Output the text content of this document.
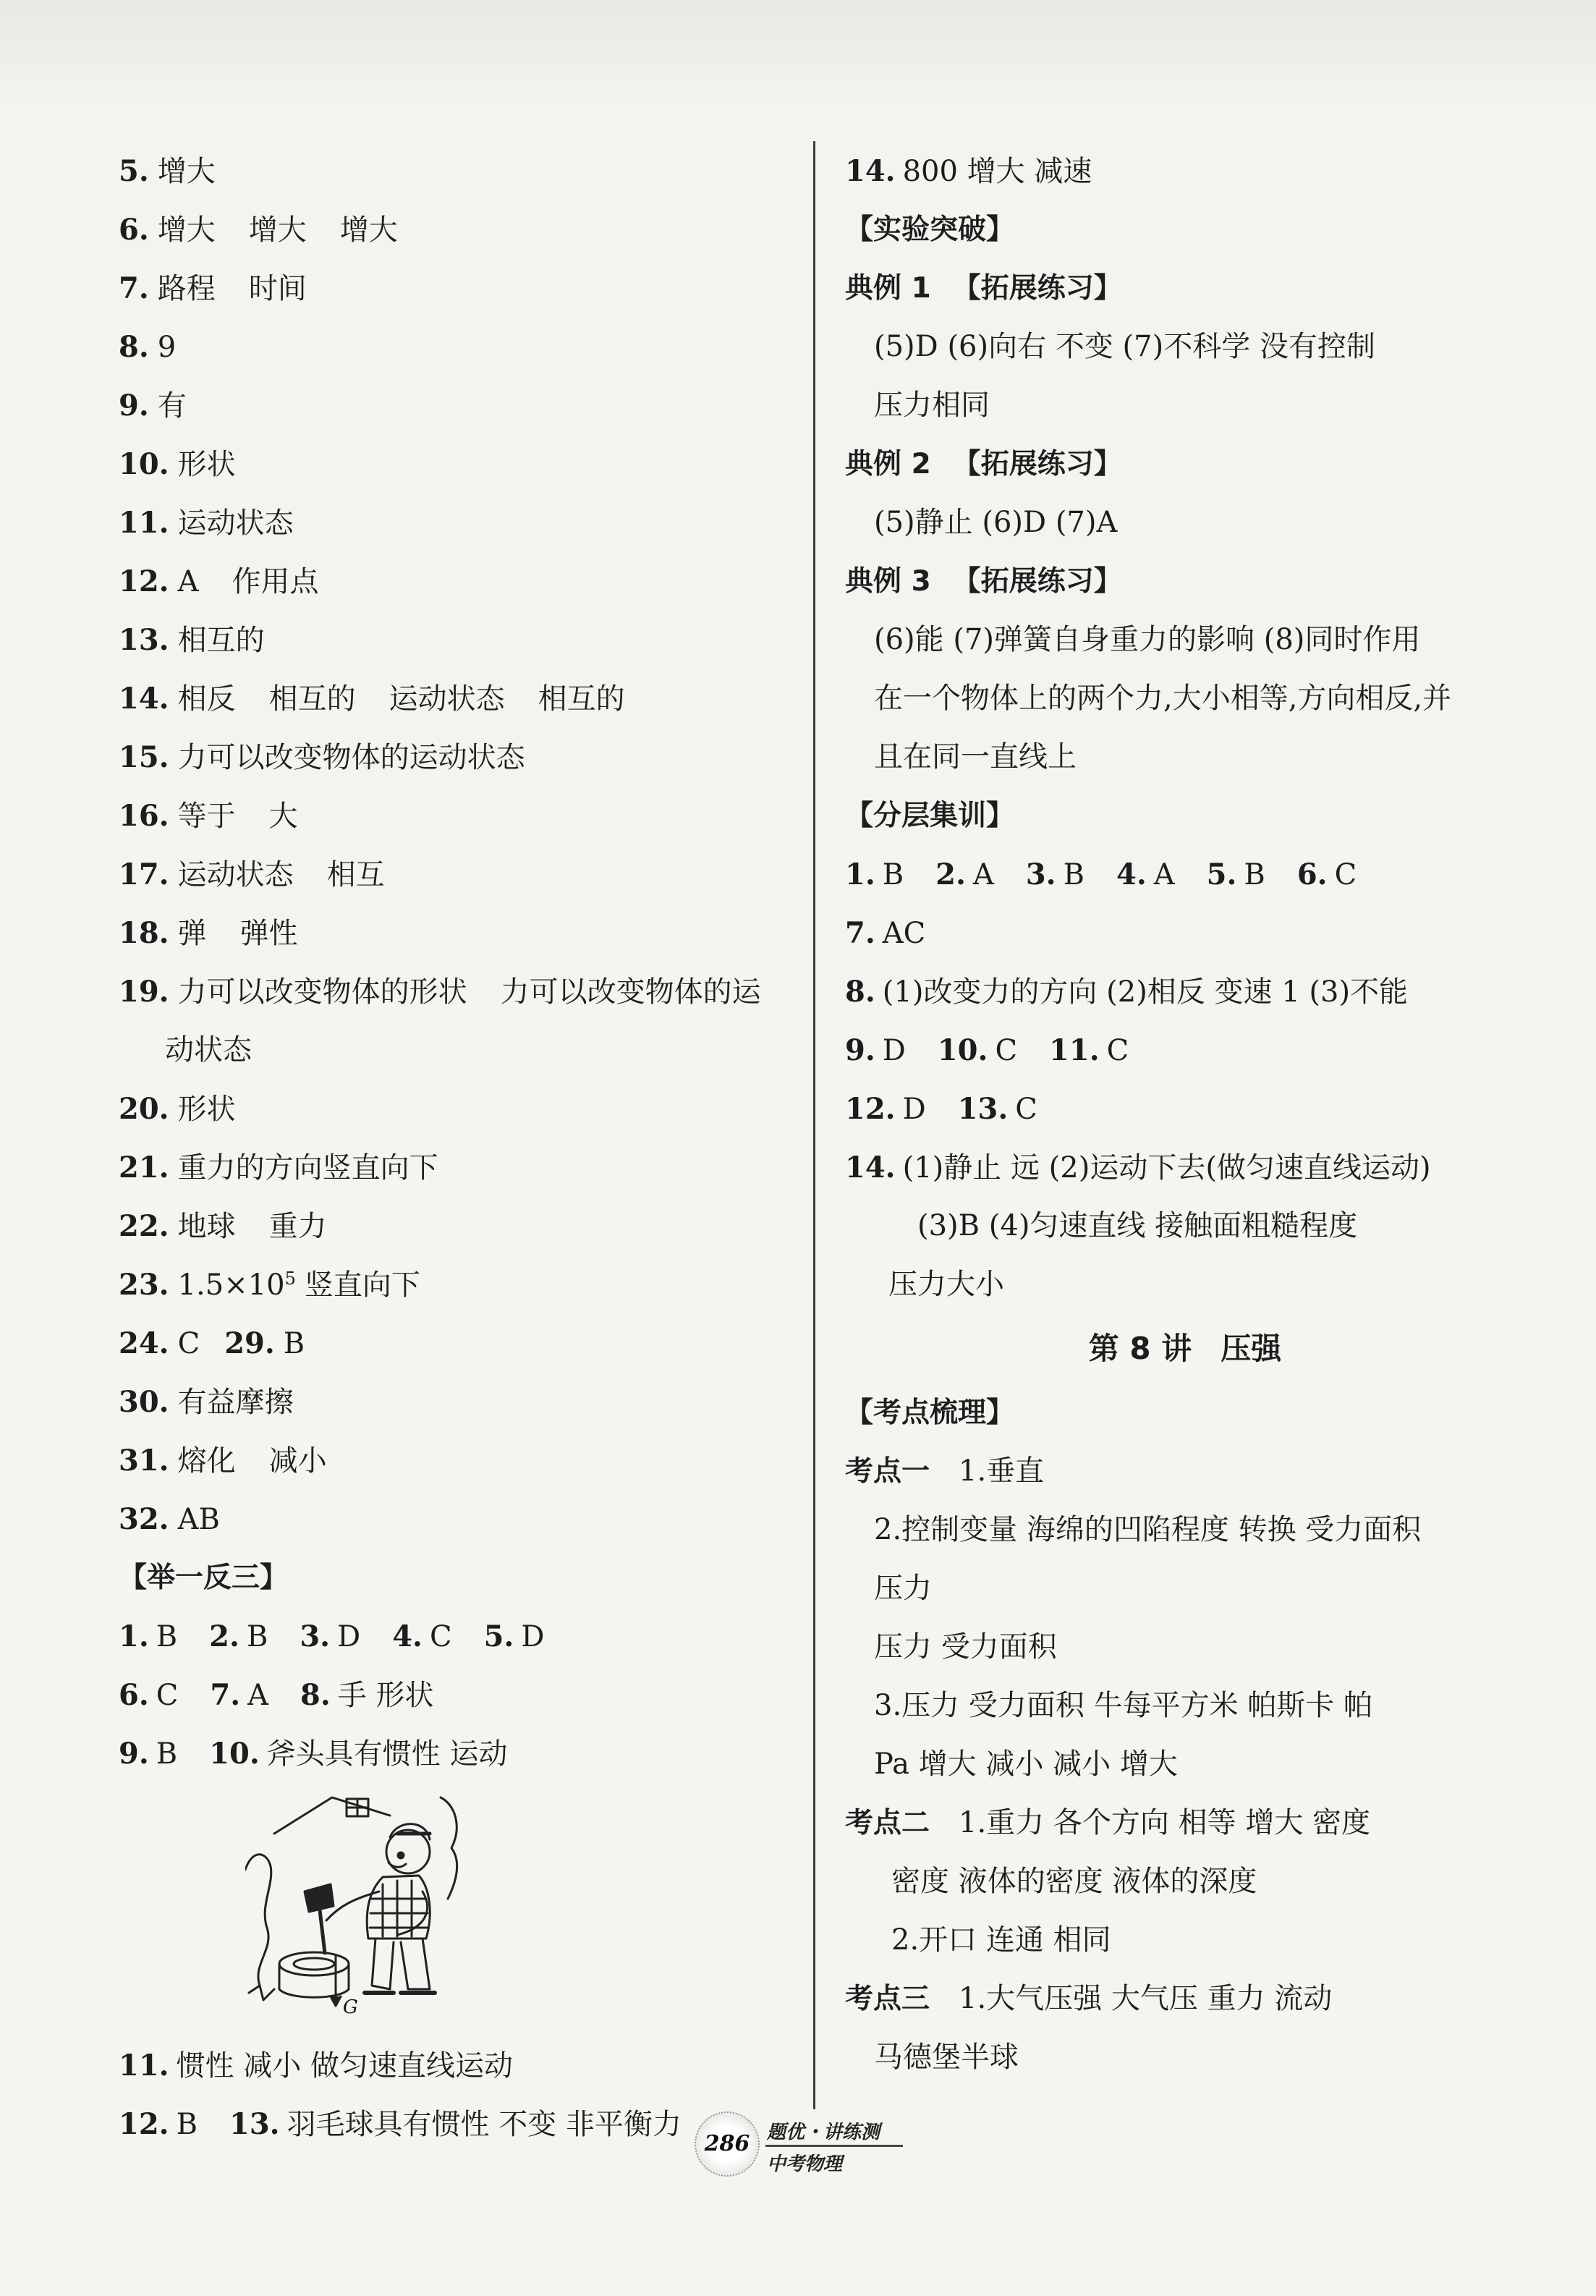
5. 增大
6. 增大 增大 增大
7. 路程 时间
8. 9
9. 有
10. 形状
11. 运动状态
12. A 作用点
13. 相互的
14. 相反 相互的 运动状态 相互的
15. 力可以改变物体的运动状态
16. 等于 大
17. 运动状态 相互
18. 弹 弹性
19. 力可以改变物体的形状 力可以改变物体的运
动状态
20. 形状
21. 重力的方向竖直向下
22. 地球 重力
23. $1.5\times 10^5$ 竖直向下
24. C 29. B
30. 有益摩擦
31. 熔化 减小
32. AB
【举一反三】
1. B 2. B 3. D 4. C 5. D
6. C 7. A 8. 手 形状
9. B 10. 斧头具有惯性 运动
G
11. 惯性 减小 做匀速直线运动
12. B 13. 羽毛球具有惯性 不变 非平衡力
14. 800 增大 减速
【实验突破】
典例 1 【拓展练习】
(5)D (6)向右 不变 (7)不科学 没有控制
压力相同
典例 2 【拓展练习】
(5)静止 (6)D (7)A
典例 3 【拓展练习】
(6)能 (7)弹簧自身重力的影响 (8)同时作用
在一个物体上的两个力,大小相等,方向相反,并
且在同一直线上
【分层集训】
1. B 2. A 3. B 4. A 5. B 6. C
7. AC
8. (1)改变力的方向 (2)相反 变速 1 (3)不能
9. D 10. C 11. C
12. D 13. C
14. (1)静止 远 (2)运动下去(做匀速直线运动)
(3)B (4)匀速直线 接触面粗糙程度
压力大小
第 8 讲 压强
【考点梳理】
考点一 1.垂直
2.控制变量 海绵的凹陷程度 转换 受力面积
压力
压力 受力面积
3.压力 受力面积 牛每平方米 帕斯卡 帕
Pa 增大 减小 减小 增大
考点二 1.重力 各个方向 相等 增大 密度
密度 液体的密度 液体的深度
2.开口 连通 相同
考点三 1.大气压强 大气压 重力 流动
马德堡半球
286 题优・讲练测
中考物理
